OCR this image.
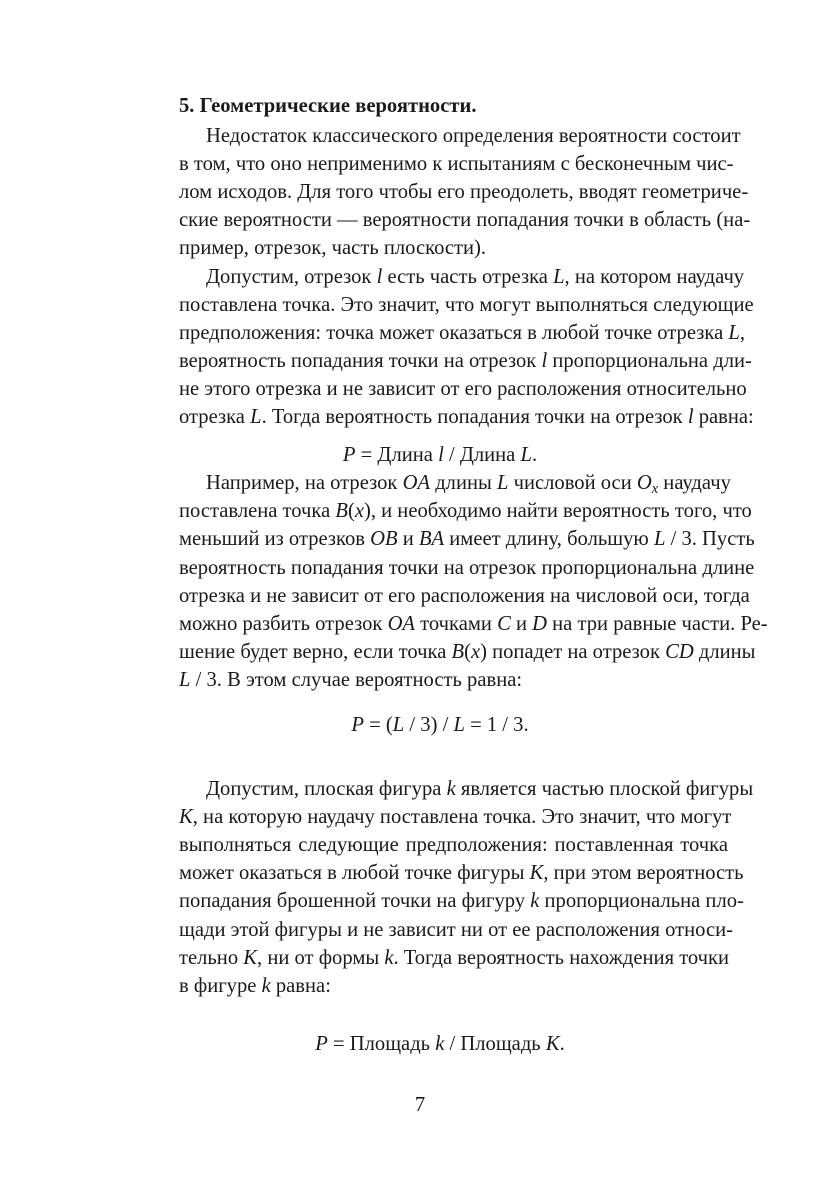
5. Геометрические вероятности.
Недостаток классического определения вероятности состоит
в том, что оно неприменимо к испытаниям с бесконечным чис-
лом исходов. Для того чтобы его преодолеть, вводят геометриче-
ские вероятности — вероятности попадания точки в область (на-
пример, отрезок, часть плоскости).
Допустим, отрезок l есть часть отрезка L, на котором наудачу
поставлена точка. Это значит, что могут выполняться следующие
предположения: точка может оказаться в любой точке отрезка L,
вероятность попадания точки на отрезок l пропорциональна дли-
не этого отрезка и не зависит от его расположения относительно
отрезка L. Тогда вероятность попадания точки на отрезок l равна:
P = Длина l / Длина L.
Например, на отрезок OA длины L числовой оси $O_x$ наудачу
поставлена точка B(x), и необходимо найти вероятность того, что
меньший из отрезков OB и BA имеет длину, большую L / 3. Пусть
вероятность попадания точки на отрезок пропорциональна длине
отрезка и не зависит от его расположения на числовой оси, тогда
можно разбить отрезок OA точками C и D на три равные части. Ре-
шение будет верно, если точка B(x) попадет на отрезок CD длины
L / 3. В этом случае вероятность равна:
P = (L / 3) / L = 1 / 3.
Допустим, плоская фигура k является частью плоской фигуры
K, на которую наудачу поставлена точка. Это значит, что могут
выполняться следующие предположения: поставленная точка
может оказаться в любой точке фигуры K, при этом вероятность
попадания брошенной точки на фигуру k пропорциональна пло-
щади этой фигуры и не зависит ни от ее расположения относи-
тельно K, ни от формы k. Тогда вероятность нахождения точки
в фигуре k равна:
P = Площадь k / Площадь K.
7
